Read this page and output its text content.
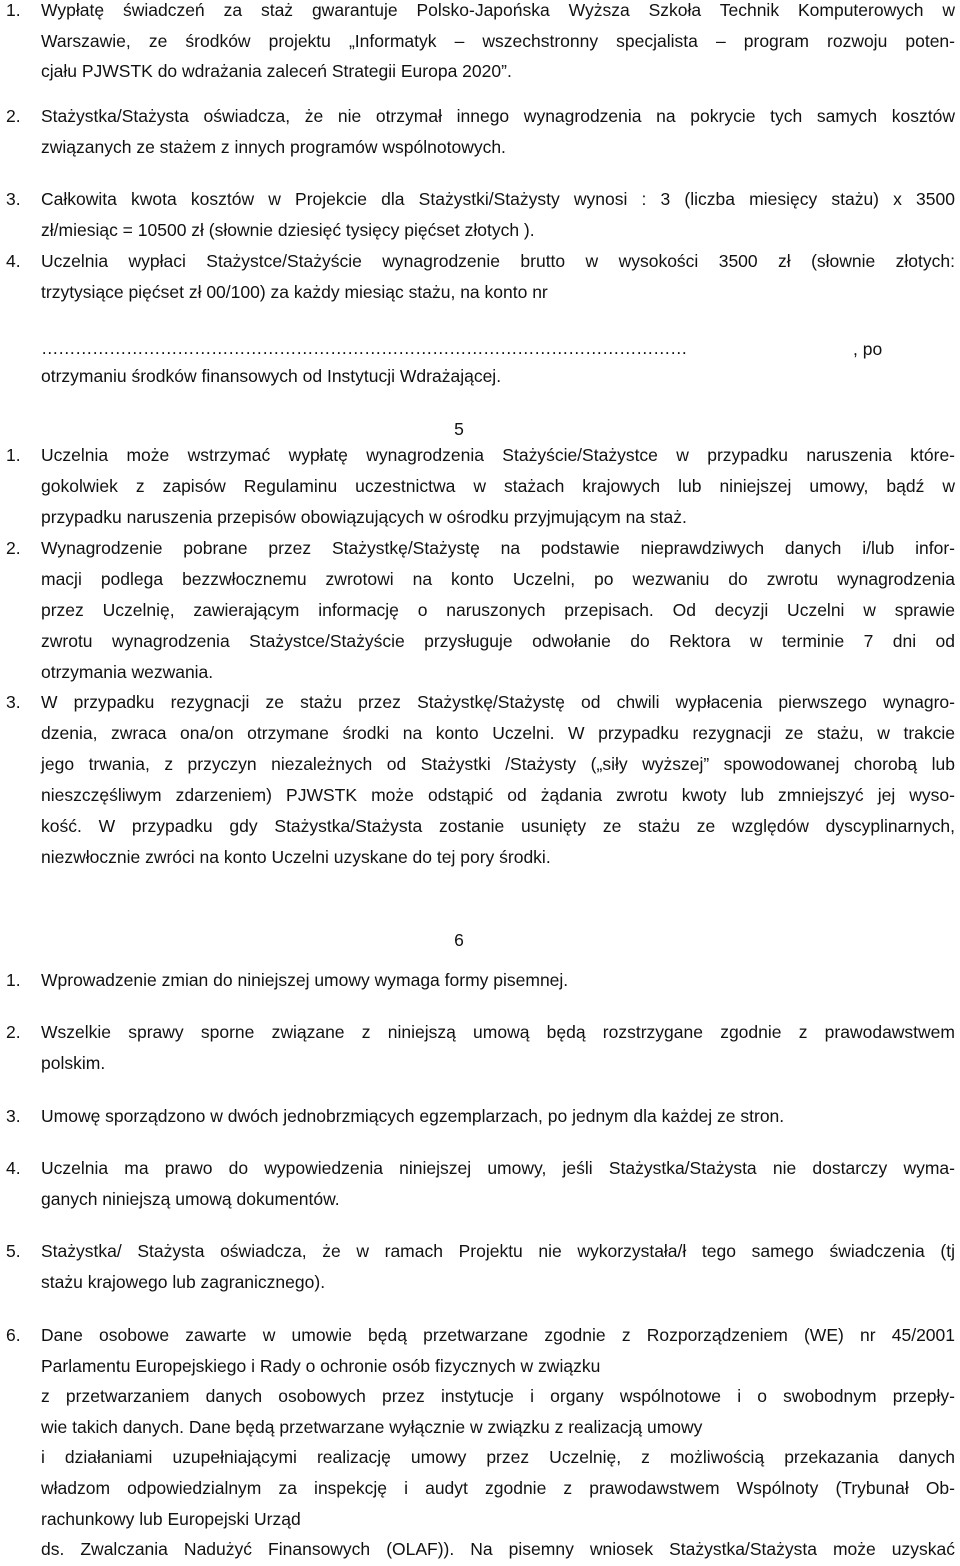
1. Wypłatę świadczeń za staż gwarantuje Polsko-Japońska Wyższa Szkoła Technik Komputerowych w
Warszawie, ze środków projektu „Informatyk – wszechstronny specjalista – program rozwoju poten-
cjału PJWSTK do wdrażania zaleceń Strategii Europa 2020”.
2. Stażystka/Stażysta oświadcza, że nie otrzymał innego wynagrodzenia na pokrycie tych samych kosztów
związanych ze stażem z innych programów wspólnotowych.
3. Całkowita kwota kosztów w Projekcie dla Stażystki/Stażysty wynosi : 3 (liczba miesięcy stażu) x 3500
zł/miesiąc = 10500 zł (słownie dziesięć tysięcy pięćset złotych ).
4. Uczelnia wypłaci Stażystce/Stażyście wynagrodzenie brutto w wysokości 3500 zł (słownie złotych:
trzytysiące pięćset zł 00/100) za każdy miesiąc stażu, na konto nr
……………………………………………………………………………………………………	, po
otrzymaniu środków finansowych od Instytucji Wdrażającej.
5
1. Uczelnia może wstrzymać wypłatę wynagrodzenia Stażyście/Stażystce w przypadku naruszenia które-
gokolwiek z zapisów Regulaminu uczestnictwa w stażach krajowych lub niniejszej umowy, bądź w
przypadku naruszenia przepisów obowiązujących w ośrodku przyjmującym na staż.
2. Wynagrodzenie pobrane przez Stażystkę/Stażystę na podstawie nieprawdziwych danych i/lub infor-
macji podlega bezzwłocznemu zwrotowi na konto Uczelni, po wezwaniu do zwrotu wynagrodzenia
przez Uczelnię, zawierającym informację o naruszonych przepisach. Od decyzji Uczelni w sprawie
zwrotu wynagrodzenia Stażystce/Stażyście przysługuje odwołanie do Rektora w terminie 7 dni od
otrzymania wezwania.
3. W przypadku rezygnacji ze stażu przez Stażystkę/Stażystę od chwili wypłacenia pierwszego wynagro-
dzenia, zwraca ona/on otrzymane środki na konto Uczelni. W przypadku rezygnacji ze stażu, w trakcie
jego trwania, z przyczyn niezależnych od Stażystki /Stażysty („siły wyższej” spowodowanej chorobą lub
nieszczęśliwym zdarzeniem) PJWSTK może odstąpić od żądania zwrotu kwoty lub zmniejszyć jej wyso-
kość. W przypadku gdy Stażystka/Stażysta zostanie usunięty ze stażu ze względów dyscyplinarnych,
niezwłocznie zwróci na konto Uczelni uzyskane do tej pory środki.
6
1. Wprowadzenie zmian do niniejszej umowy wymaga formy pisemnej.
2. Wszelkie sprawy sporne związane z niniejszą umową będą rozstrzygane zgodnie z prawodawstwem
polskim.
3. Umowę sporządzono w dwóch jednobrzmiących egzemplarzach, po jednym dla każdej ze stron.
4. Uczelnia ma prawo do wypowiedzenia niniejszej umowy, jeśli Stażystka/Stażysta nie dostarczy wyma-
ganych niniejszą umową dokumentów.
5. Stażystka/ Stażysta oświadcza, że w ramach Projektu nie wykorzystała/ł tego samego świadczenia (tj
stażu krajowego lub zagranicznego).
6. Dane osobowe zawarte w umowie będą przetwarzane zgodnie z Rozporządzeniem (WE) nr 45/2001
Parlamentu Europejskiego i Rady o ochronie osób fizycznych w związku
z przetwarzaniem danych osobowych przez instytucje i organy wspólnotowe i o swobodnym przepły-
wie takich danych. Dane będą przetwarzane wyłącznie w związku z realizacją umowy
i działaniami uzupełniającymi realizację umowy przez Uczelnię, z możliwością przekazania danych
władzom odpowiedzialnym za inspekcję i audyt zgodnie z prawodawstwem Wspólnoty (Trybunał Ob-
rachunkowy lub Europejski Urząd
ds. Zwalczania Nadużyć Finansowych (OLAF)). Na pisemny wniosek Stażystka/Stażysta może uzyskać
